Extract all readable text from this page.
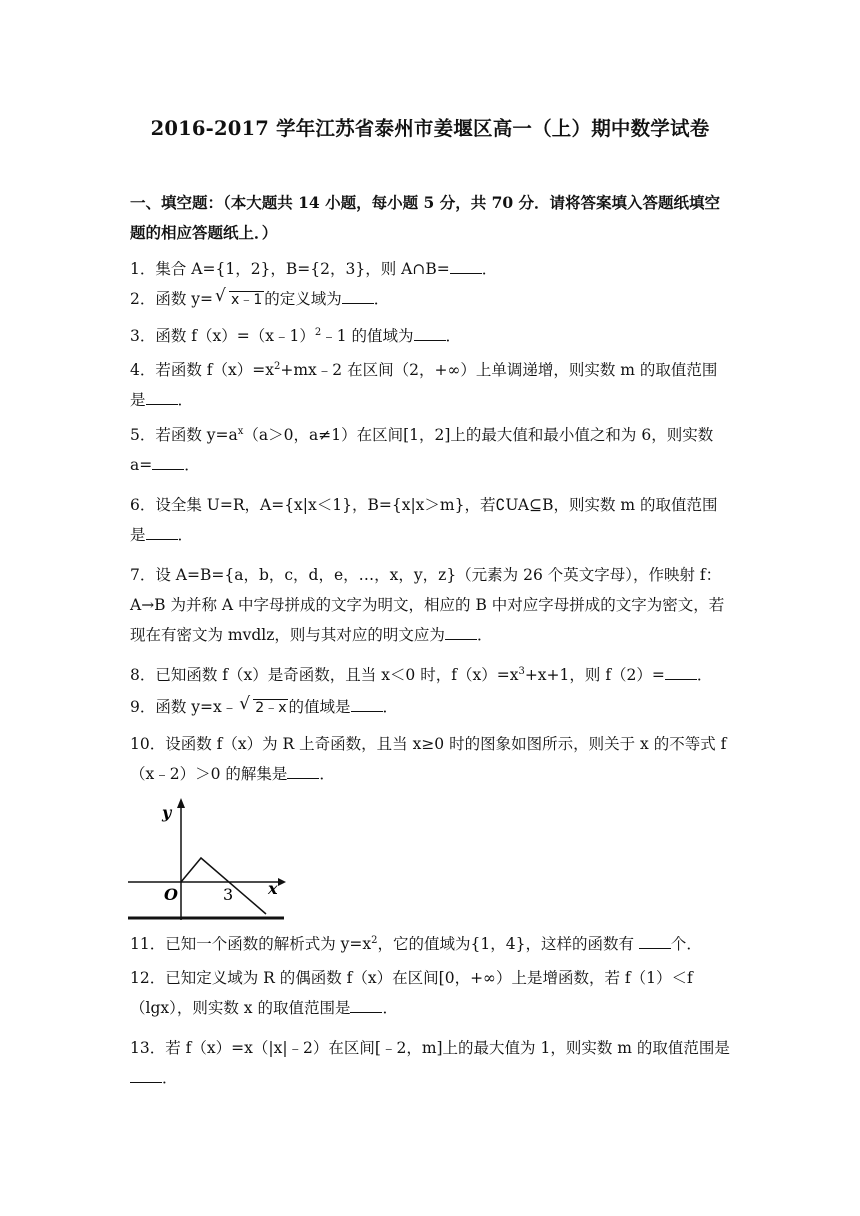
2016-2017 学年江苏省泰州市姜堰区高一（上）期中数学试卷
一、填空题：（本大题共 14 小题，每小题 5 分，共 70 分．请将答案填入答题纸填空题的相应答题纸上．）
1．集合 A={1，2}，B={2，3}，则 A∩B= ．
2．函数 y= √ x﹣1 的定义域为 ．
3．函数 f（x）=（x﹣1）$^2$﹣1 的值域为 ．
4．若函数 $f(x)=x^2+mx﹣2$ 在区间（2，+∞）上单调递增，则实数 m 的取值范围是 ．
5．若函数 $y=a^x(a>0$，a≠1）在区间[1，2]上的最大值和最小值之和为 6，则实数 a= ．
6．设全集 U=R，A={x|x＜1}，B={x|x＞m}，若∁UA⊆B，则实数 m 的取值范围是 ．
7．设 A=B={a，b，c，d，e，…，x，y，z}（元素为 26 个英文字母），作映射 f：A→B 为并称 A 中字母拼成的文字为明文，相应的 B 中对应字母拼成的文字为密文，若现在有密文为 mvdlz，则与其对应的明文应为 ．
8．已知函数 f（x）是奇函数，且当 x＜0 时，$f(x)=x^3+x+1$，则 f（2）= ．
9．函数 y=x﹣ √ 2﹣x 的值域是 ．
10．设函数 f（x）为 R 上奇函数，且当 x≥0 时的图象如图所示，则关于 x 的不等式 f（x﹣2）＞0 的解集是 ．
y
x
O	3
11．已知一个函数的解析式为 $y=x^2$，它的值域为{1，4}，这样的函数有 个．
12．已知定义域为 R 的偶函数 f（x）在区间[0，+∞）上是增函数，若 f（1）＜f（lgx），则实数 x 的取值范围是 ．
13．若 f（x）=x（|x|﹣2）在区间[﹣2，m]上的最大值为 1，则实数 m 的取值范围是．
